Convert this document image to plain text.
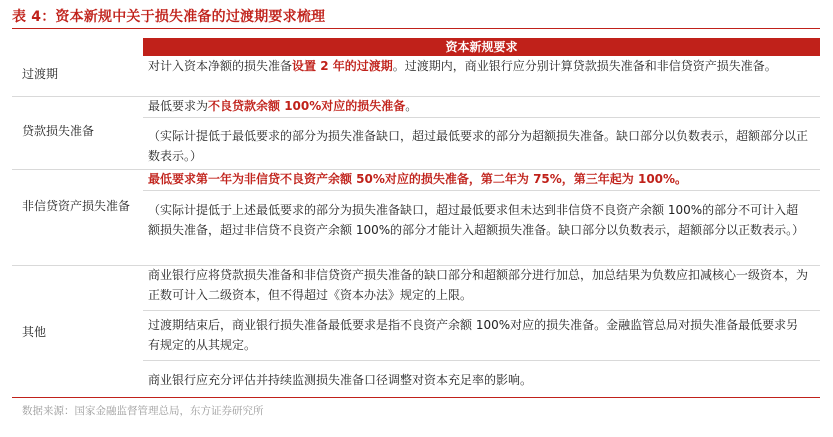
表 4：资本新规中关于损失准备的过渡期要求梳理
资本新规要求
过渡期
对计入资本净额的损失准备设置 2 年的过渡期。过渡期内，商业银行应分别计算贷款损失准备和非信贷资产损失准备。
贷款损失准备
最低要求为不良贷款余额 100%对应的损失准备。
（实际计提低于最低要求的部分为损失准备缺口，超过最低要求的部分为超额损失准备。缺口部分以负数表示，超额部分以正数表示。）
非信贷资产损失准备
最低要求第一年为非信贷不良资产余额 50%对应的损失准备，第二年为 75%，第三年起为 100%。
（实际计提低于上述最低要求的部分为损失准备缺口，超过最低要求但未达到非信贷不良资产余额 100%的部分不可计入超额损失准备，超过非信贷不良资产余额 100%的部分才能计入超额损失准备。缺口部分以负数表示，超额部分以正数表示。）
其他
商业银行应将贷款损失准备和非信贷资产损失准备的缺口部分和超额部分进行加总，加总结果为负数应扣减核心一级资本，为正数可计入二级资本，但不得超过《资本办法》规定的上限。
过渡期结束后，商业银行损失准备最低要求是指不良资产余额 100%对应的损失准备。金融监管总局对损失准备最低要求另有规定的从其规定。
商业银行应充分评估并持续监测损失准备口径调整对资本充足率的影响。
数据来源：国家金融监督管理总局，东方证券研究所
